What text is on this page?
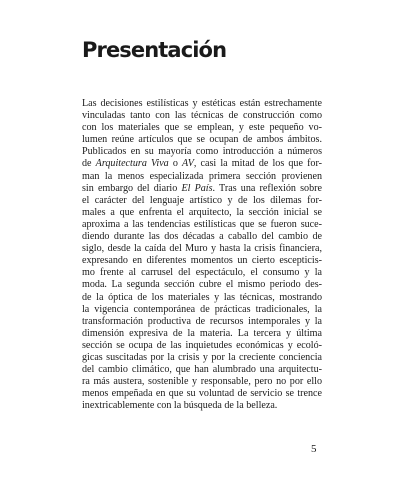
Presentación
Las decisiones estilísticas y estéticas están estrechamente
vinculadas tanto con las técnicas de construcción como
con los materiales que se emplean, y este pequeño vo-
lumen reúne artículos que se ocupan de ambos ámbitos.
Publicados en su mayoría como introducción a números
de Arquitectura Viva o AV, casi la mitad de los que for-
man la menos especializada primera sección provienen
sin embargo del diario El País. Tras una reflexión sobre
el carácter del lenguaje artístico y de los dilemas for-
males a que enfrenta el arquitecto, la sección inicial se
aproxima a las tendencias estilísticas que se fueron suce-
diendo durante las dos décadas a caballo del cambio de
siglo, desde la caída del Muro y hasta la crisis financiera,
expresando en diferentes momentos un cierto escepticis-
mo frente al carrusel del espectáculo, el consumo y la
moda. La segunda sección cubre el mismo periodo des-
de la óptica de los materiales y las técnicas, mostrando
la vigencia contemporánea de prácticas tradicionales, la
transformación productiva de recursos intemporales y la
dimensión expresiva de la materia. La tercera y última
sección se ocupa de las inquietudes económicas y ecoló-
gicas suscitadas por la crisis y por la creciente conciencia
del cambio climático, que han alumbrado una arquitectu-
ra más austera, sostenible y responsable, pero no por ello
menos empeñada en que su voluntad de servicio se trence
inextricablemente con la búsqueda de la belleza.
5
